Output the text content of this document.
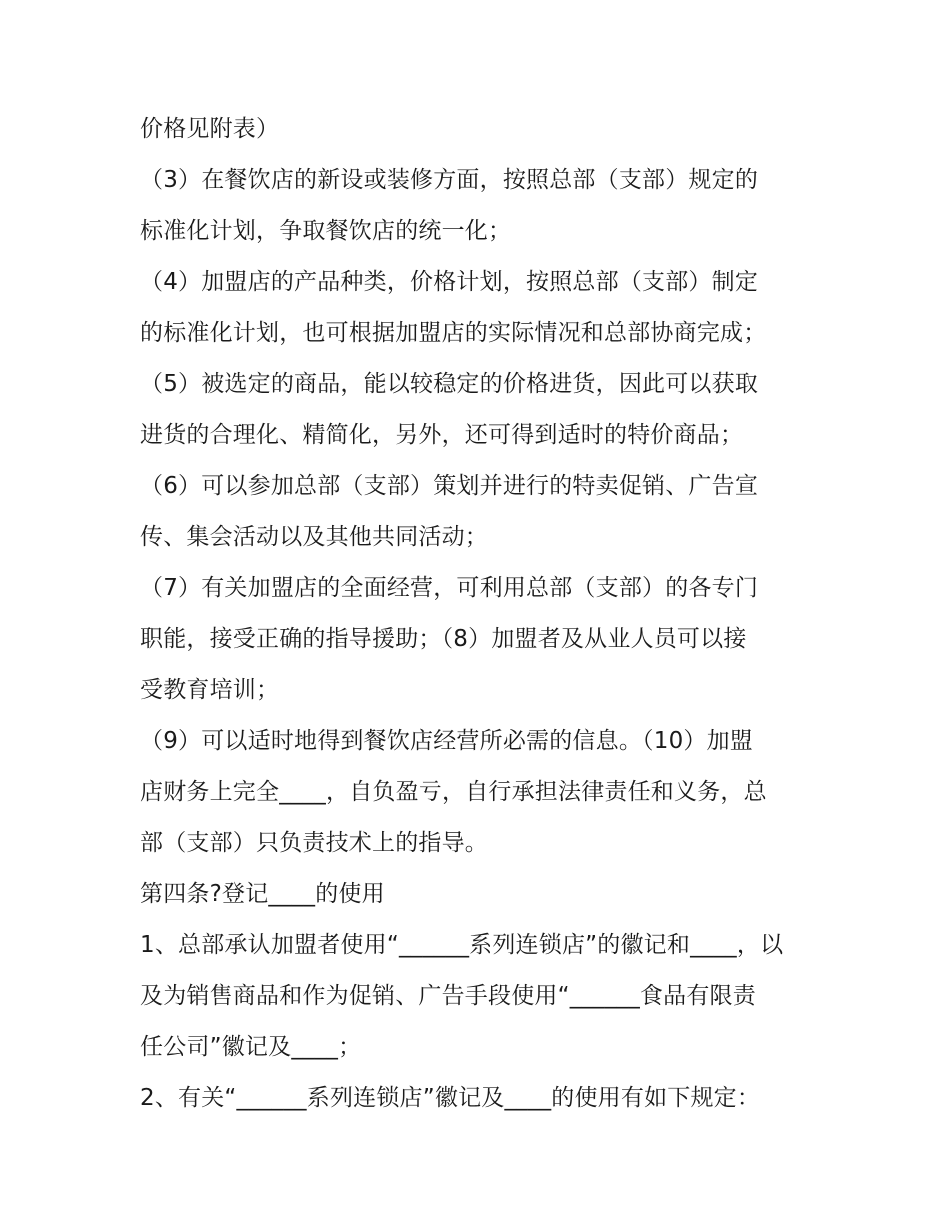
价格见附表）
（3）在餐饮店的新设或装修方面，按照总部（支部）规定的
标准化计划，争取餐饮店的统一化；
（4）加盟店的产品种类，价格计划，按照总部（支部）制定
的标准化计划，也可根据加盟店的实际情况和总部协商完成；
（5）被选定的商品，能以较稳定的价格进货，因此可以获取
进货的合理化、精简化，另外，还可得到适时的特价商品；
（6）可以参加总部（支部）策划并进行的特卖促销、广告宣
传、集会活动以及其他共同活动；
（7）有关加盟店的全面经营，可利用总部（支部）的各专门
职能，接受正确的指导援助；（8）加盟者及从业人员可以接
受教育培训；
（9）可以适时地得到餐饮店经营所必需的信息。（10）加盟
店财务上完全____，自负盈亏，自行承担法律责任和义务，总
部（支部）只负责技术上的指导。
第四条?登记____的使用
1、总部承认加盟者使用“______系列连锁店”的徽记和____，以
及为销售商品和作为促销、广告手段使用“______食品有限责
任公司”徽记及____；
2、有关“______系列连锁店”徽记及____的使用有如下规定：
